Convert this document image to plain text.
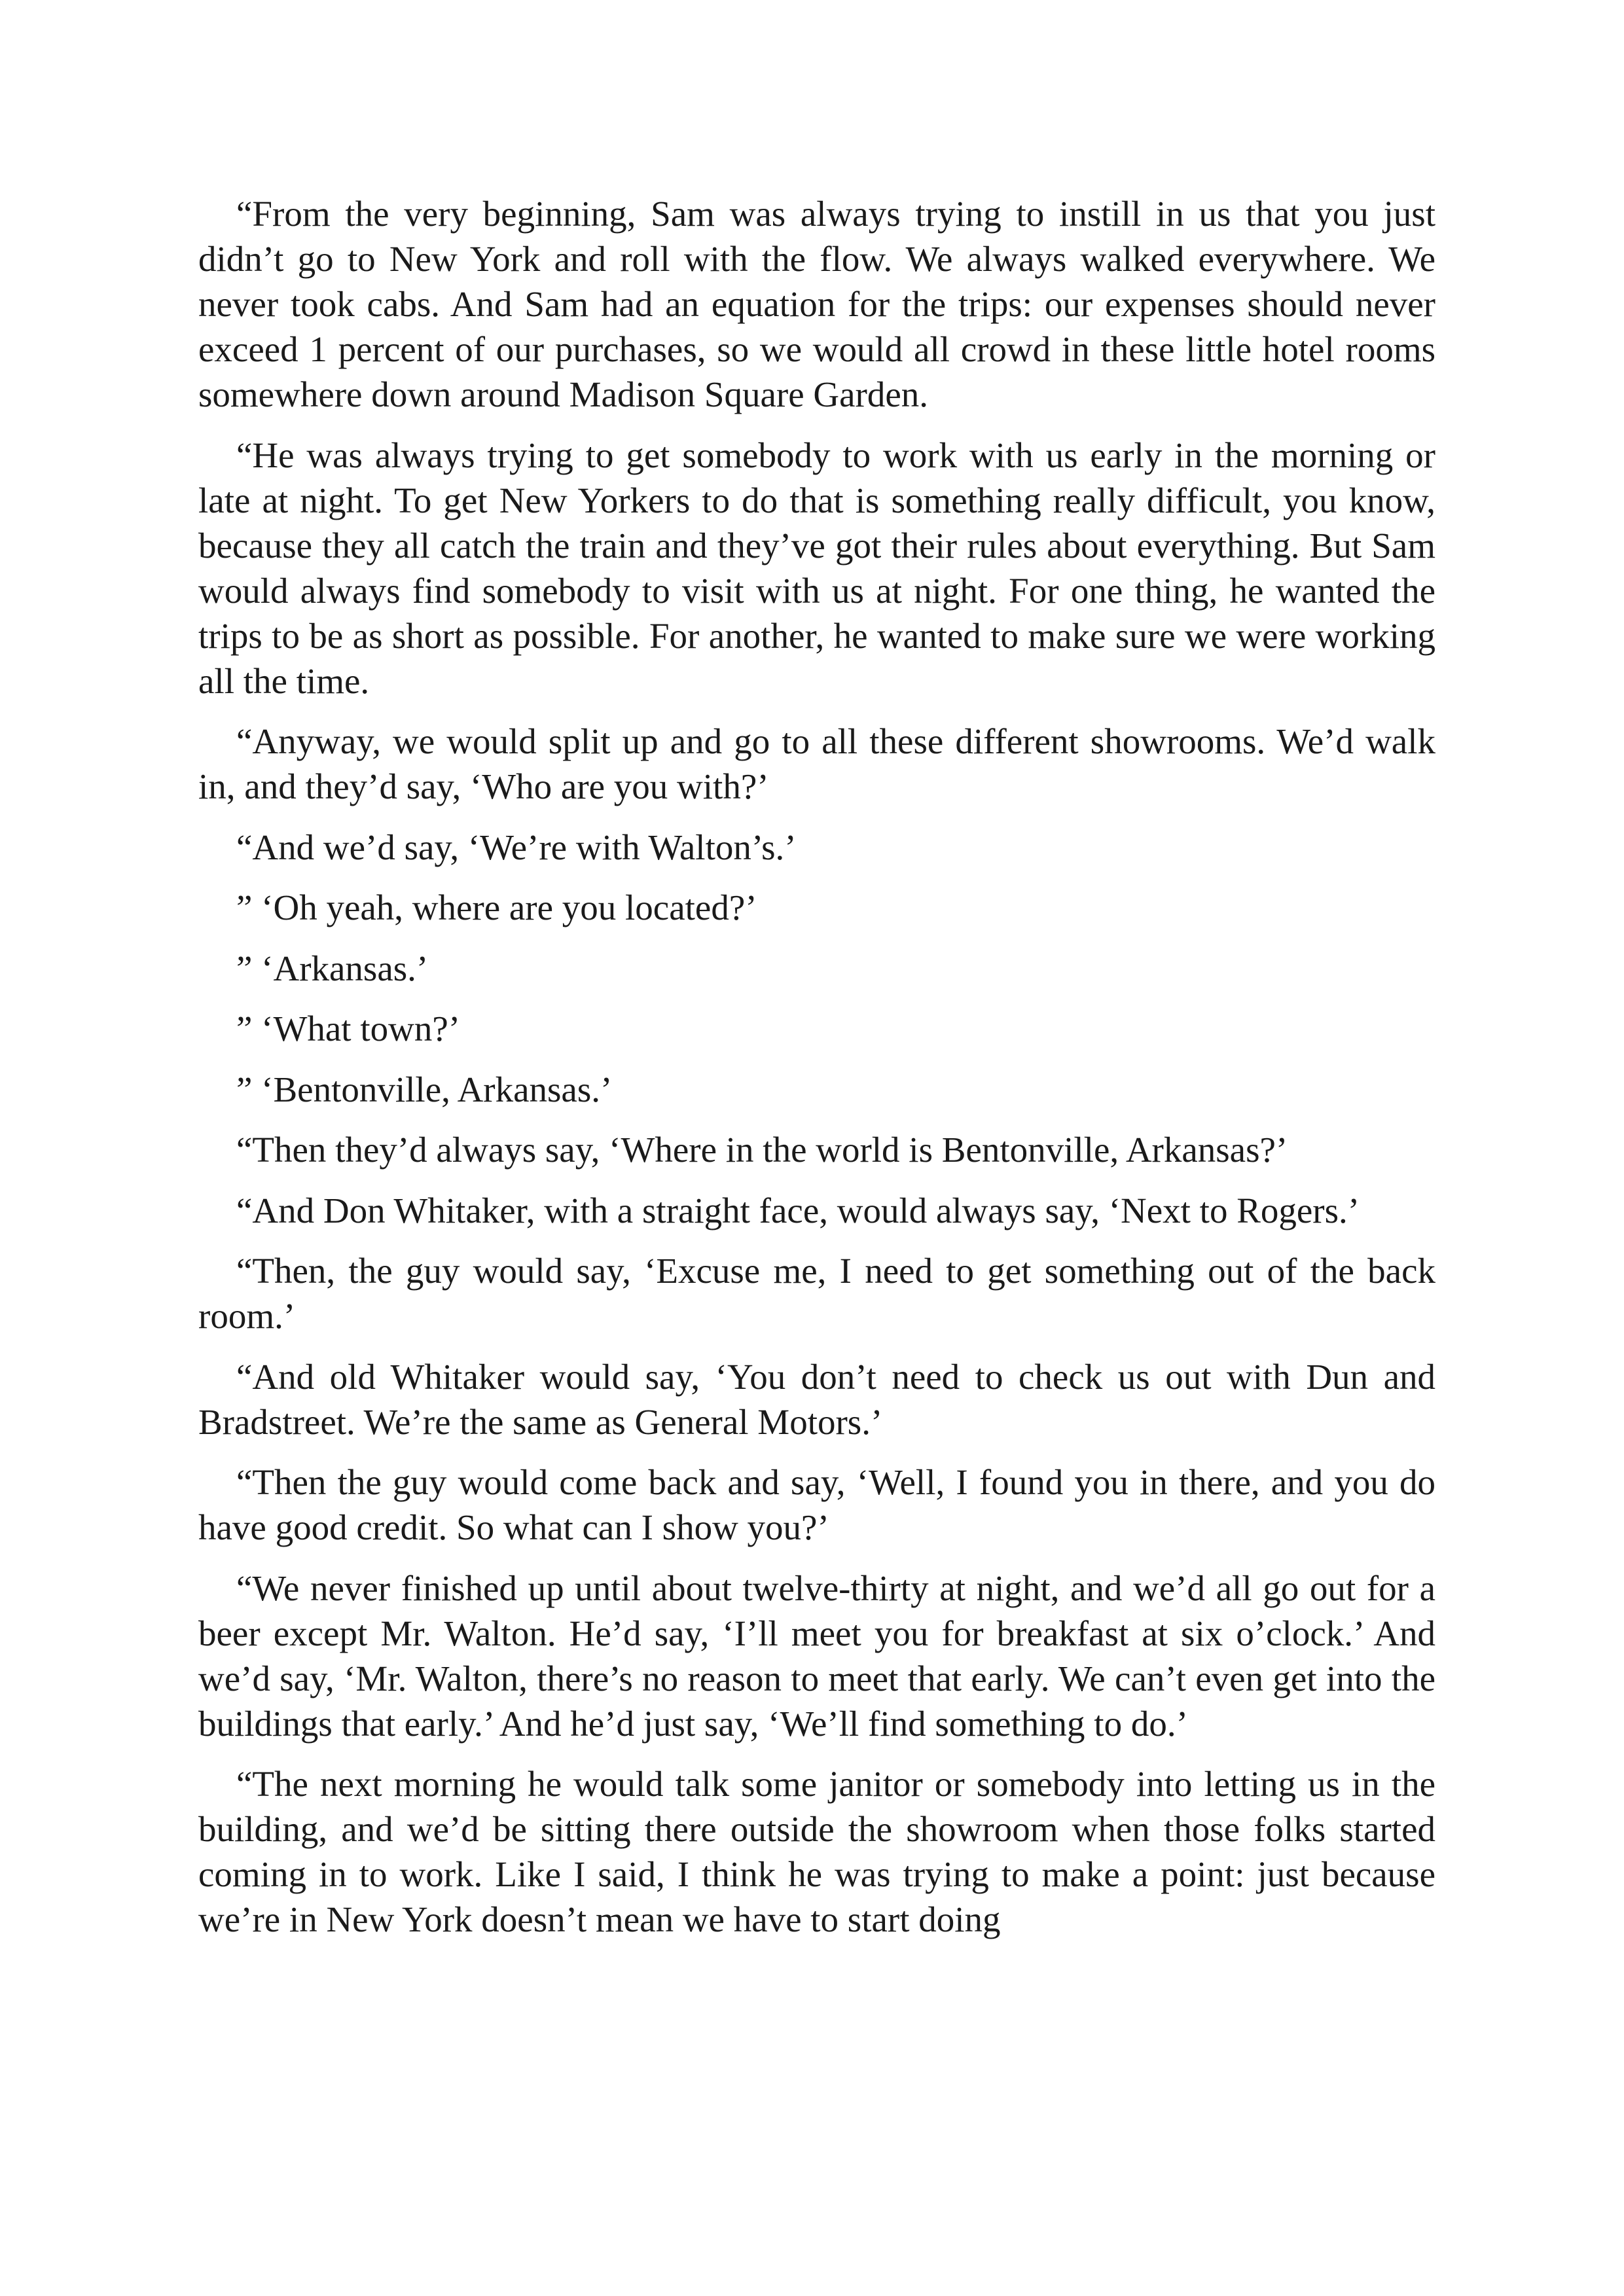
“From the very beginning, Sam was always trying to instill in us that you just didn’t go to New York and roll with the flow. We always walked everywhere. We never took cabs. And Sam had an equation for the trips: our expenses should never exceed 1 percent of our purchases, so we would all crowd in these little hotel rooms somewhere down around Madison Square Garden.

“He was always trying to get somebody to work with us early in the morning or late at night. To get New Yorkers to do that is something really difficult, you know, because they all catch the train and they’ve got their rules about everything. But Sam would always find somebody to visit with us at night. For one thing, he wanted the trips to be as short as possible. For another, he wanted to make sure we were working all the time.

“Anyway, we would split up and go to all these different showrooms. We’d walk in, and they’d say, ‘Who are you with?’

“And we’d say, ‘We’re with Walton’s.’

” ‘Oh yeah, where are you located?’

” ‘Arkansas.’

” ‘What town?’

” ‘Bentonville, Arkansas.’

“Then they’d always say, ‘Where in the world is Bentonville, Arkansas?’

“And Don Whitaker, with a straight face, would always say, ‘Next to Rogers.’

“Then, the guy would say, ‘Excuse me, I need to get something out of the back room.’

“And old Whitaker would say, ‘You don’t need to check us out with Dun and Bradstreet. We’re the same as General Motors.’

“Then the guy would come back and say, ‘Well, I found you in there, and you do have good credit. So what can I show you?’

“We never finished up until about twelve-thirty at night, and we’d all go out for a beer except Mr. Walton. He’d say, ‘I’ll meet you for breakfast at six o’clock.’ And we’d say, ‘Mr. Walton, there’s no reason to meet that early. We can’t even get into the buildings that early.’ And he’d just say, ‘We’ll find something to do.’

“The next morning he would talk some janitor or somebody into letting us in the building, and we’d be sitting there outside the showroom when those folks started coming in to work. Like I said, I think he was trying to make a point: just because we’re in New York doesn’t mean we have to start doing
